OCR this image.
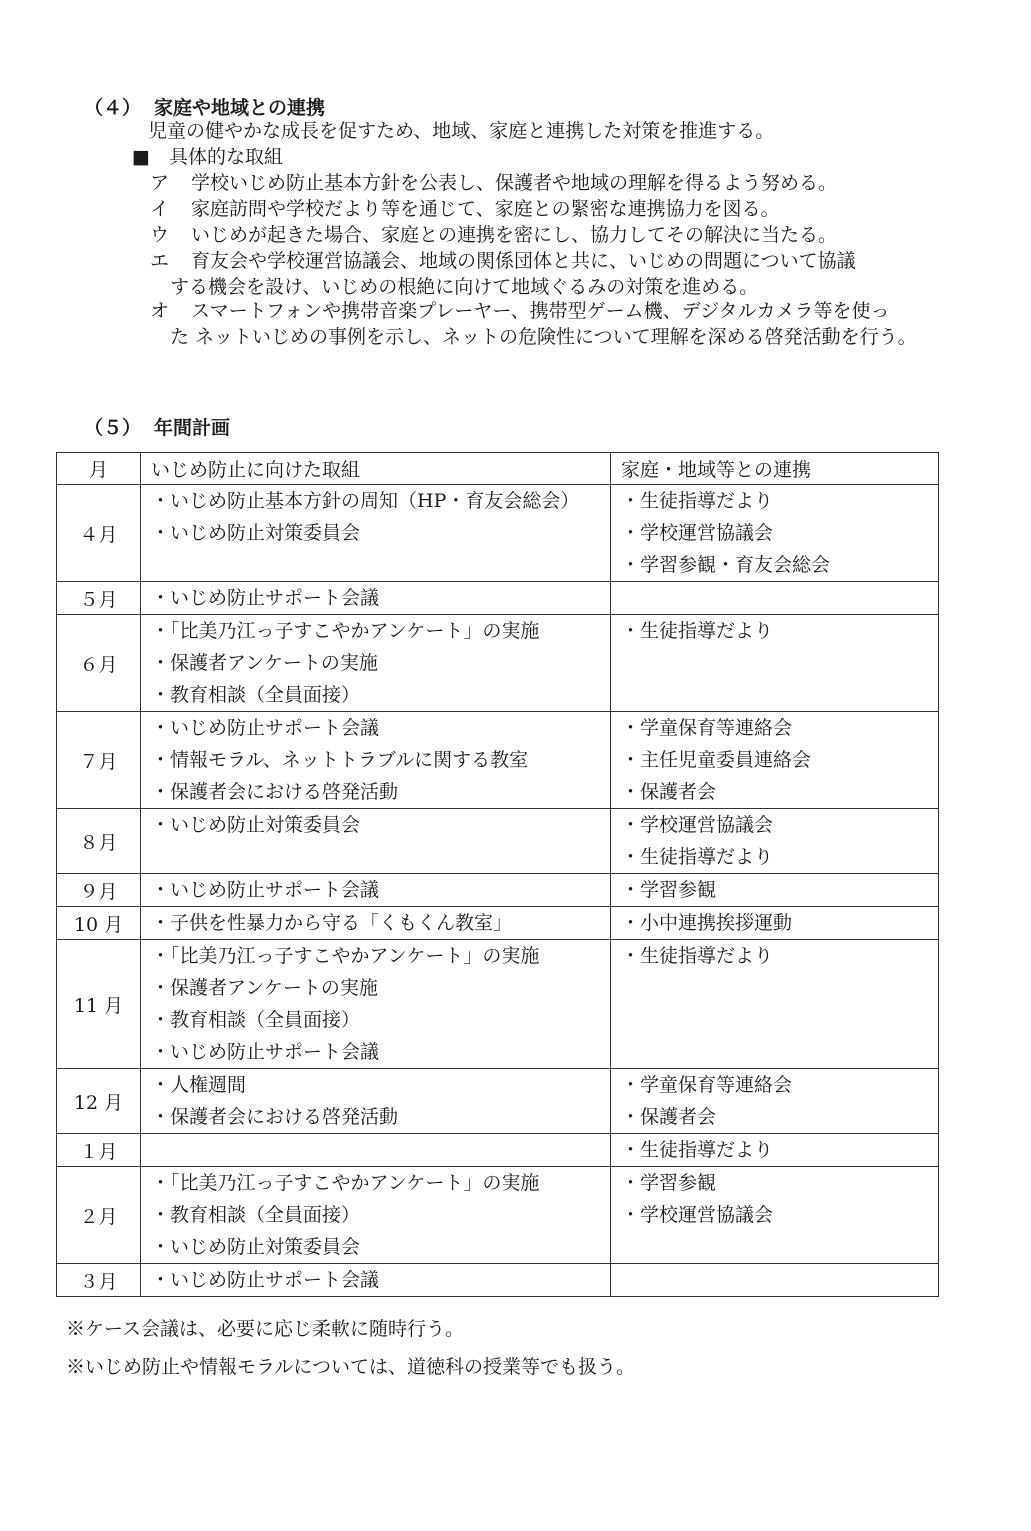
（４） 家庭や地域との連携
児童の健やかな成長を促すため、地域、家庭と連携した対策を推進する。
■　具体的な取組
ア 学校いじめ防止基本方針を公表し、保護者や地域の理解を得るよう努める。
イ 家庭訪問や学校だより等を通じて、家庭との緊密な連携協力を図る。
ウ いじめが起きた場合、家庭との連携を密にし、協力してその解決に当たる。
エ 育友会や学校運営協議会、地域の関係団体と共に、いじめの問題について協議
する機会を設け、いじめの根絶に向けて地域ぐるみの対策を進める。
オ スマートフォンや携帯音楽プレーヤー、携帯型ゲーム機、デジタルカメラ等を使っ
た ネットいじめの事例を示し、ネットの危険性について理解を深める啓発活動を行う。
（５） 年間計画
月	いじめ防止に向けた取組	家庭・地域等との連携
４月	・いじめ防止基本方針の周知（HP・育友会総会）
・いじめ防止対策委員会	・生徒指導だより
・学校運営協議会
・学習参観・育友会総会

５月	・いじめ防止サポート会議	

６月	・「比美乃江っ子すこやかアンケート」の実施
・保護者アンケートの実施
・教育相談（全員面接）	・生徒指導だより

７月	・いじめ防止サポート会議
・情報モラル、ネットトラブルに関する教室
・保護者会における啓発活動	・学童保育等連絡会
・主任児童委員連絡会
・保護者会

８月	・いじめ防止対策委員会	・学校運営協議会
・生徒指導だより

９月	・いじめ防止サポート会議	・学習参観

10 月	・子供を性暴力から守る「くもくん教室」	・小中連携挨拶運動

11 月	・「比美乃江っ子すこやかアンケート」の実施
・保護者アンケートの実施
・教育相談（全員面接）
・いじめ防止サポート会議	・生徒指導だより

12 月	・人権週間
・保護者会における啓発活動	・学童保育等連絡会
・保護者会

１月		・生徒指導だより

２月	・「比美乃江っ子すこやかアンケート」の実施
・教育相談（全員面接）
・いじめ防止対策委員会	・学習参観
・学校運営協議会

３月	・いじめ防止サポート会議	

※ケース会議は、必要に応じ柔軟に随時行う。
※いじめ防止や情報モラルについては、道徳科の授業等でも扱う。
